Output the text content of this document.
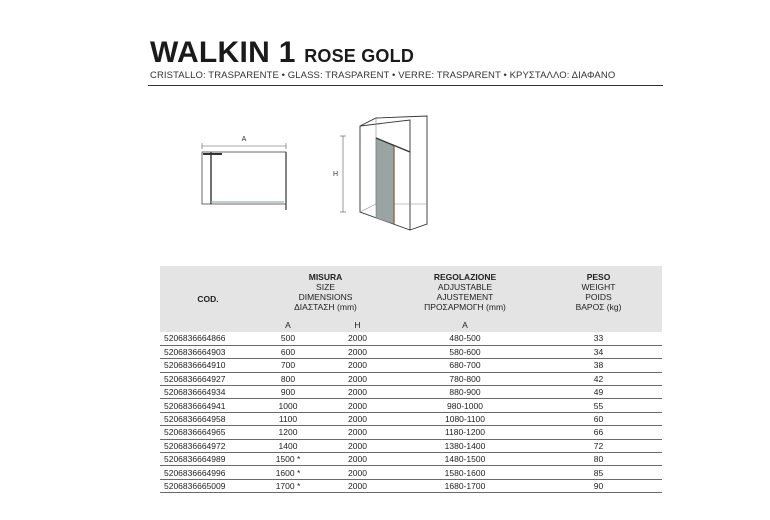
WALKIN 1 ROSE GOLD
CRISTALLO: TRASPARENTE • GLASS: TRASPARENT • VERRE: TRASPARENT • ΚΡΥΣΤΑΛΛΟ: ΔΙΑΦΑΝΟ
A
H
COD.	MISURA
SIZE
DIMENSIONS
ΔΙΑΣΤΑΣΗ (mm)		REGOLAZIONE
ADJUSTABLE
AJUSTEMENT
ΠΡΟΣΑΡΜΟΓΗ (mm)	PESO
WEIGHT
POIDS
ΒΑΡΟΣ (kg)
	A	H	A	
5206836664866	500	2000	480-500	33
5206836664903	600	2000	580-600	34
5206836664910	700	2000	680-700	38
5206836664927	800	2000	780-800	42
5206836664934	900	2000	880-900	49
5206836664941	1000	2000	980-1000	55
5206836664958	1100	2000	1080-1100	60
5206836664965	1200	2000	1180-1200	66
5206836664972	1400	2000	1380-1400	72
5206836664989	1500 *	2000	1480-1500	80
5206836664996	1600 *	2000	1580-1600	85
5206836665009	1700 *	2000	1680-1700	90
